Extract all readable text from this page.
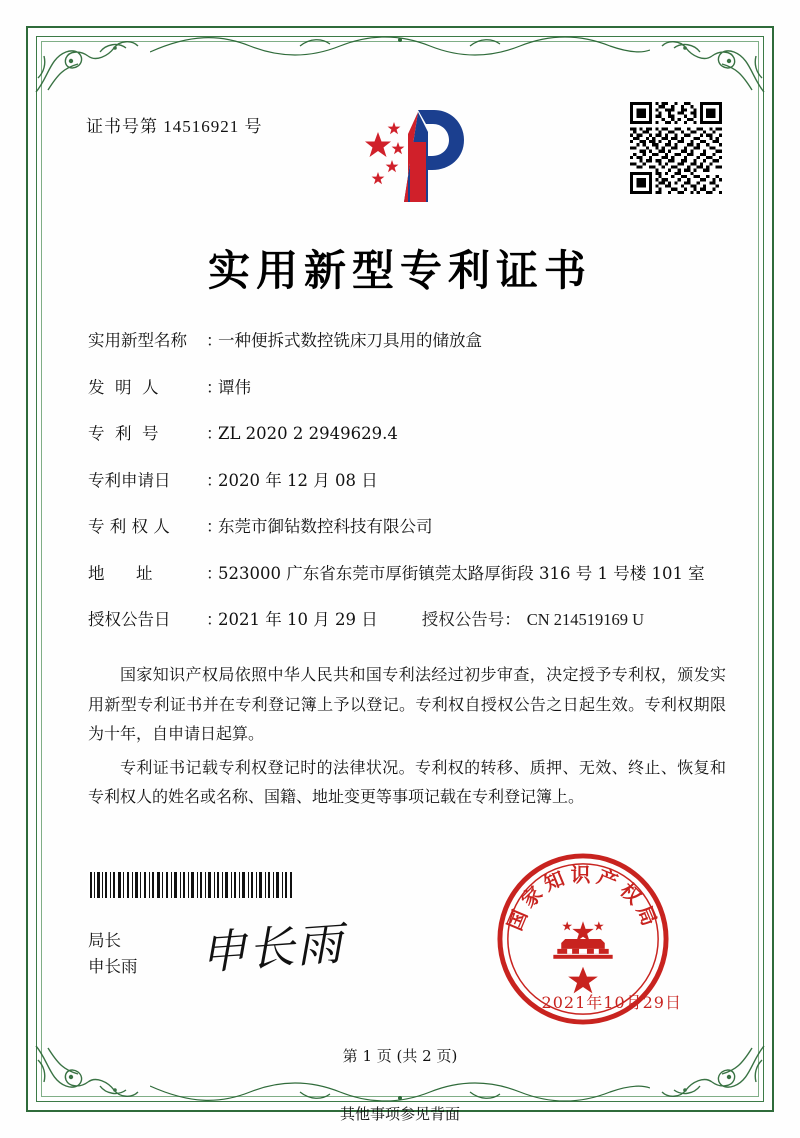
证书号第 14516921 号
实用新型专利证书
实用新型名称	：
一种便拆式数控铣床刀具用的储放盒
发  明  人	：
谭伟
专  利  号	：
ZL 2020 2 2949629.4
专利申请日	：
2020 年 12 月 08 日
专 利 权 人	：
东莞市御钻数控科技有限公司
地      址	：
523000 广东省东莞市厚街镇莞太路厚街段 316 号 1 号楼 101 室
授权公告日	：
2021 年 10 月 29 日	授权公告号 ： CN 214519169 U

国家知识产权局依照中华人民共和国专利法经过初步审查，决定授予专利权，颁发实用新型专利证书并在专利登记簿上予以登记。专利权自授权公告之日起生效。专利权期限为十年，自申请日起算。

专利证书记载专利权登记时的法律状况。专利权的转移、质押、无效、终止、恢复和专利权人的姓名或名称、国籍、地址变更等事项记载在专利登记簿上。

局长
申长雨 申长雨	国家知识产权局
2021年10月29日
第 1 页 (共 2 页)
其他事项参见背面
